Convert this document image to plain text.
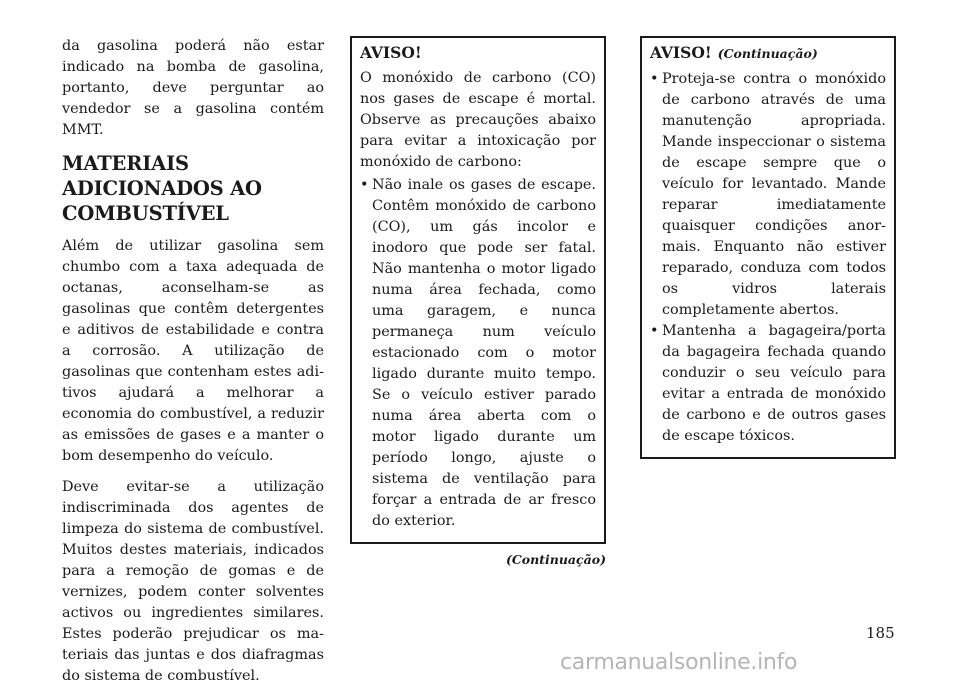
da gasolina poderá não estar indicado na bomba de gasolina, portanto, deve perguntar ao vendedor se a gasolina contém MMT.

MATERIAIS ADICIONADOS AO COMBUSTÍVEL

Além de utilizar gasolina sem chumbo com a taxa adequada de octanas, aconselham-se as gasolinas que contêm detergentes e aditivos de estabilidade e contra a corrosão. A utilização de gasolinas que contenham estes aditivos ajudará a melhorar a economia do combustível, a reduzir as emissões de gases e a manter o bom desempenho do veículo.

Deve evitar-se a utilização indiscriminada dos agentes de limpeza do sistema de combustível. Muitos destes materiais, indicados para a remoção de gomas e de vernizes, podem conter solventes activos ou ingredientes similares. Estes poderão prejudicar os materiais das juntas e dos diafragmas do sistema de combustível.

AVISO!

O monóxido de carbono (CO) nos gases de escape é mortal. Observe as precauções abaixo para evitar a intoxicação por monóxido de carbono:

• Não inale os gases de escape. Contêm monóxido de carbono (CO), um gás incolor e inodoro que pode ser fatal. Não mantenha o motor ligado numa área fechada, como uma garagem, e nunca permaneça num veículo estacionado com o motor ligado durante muito tempo. Se o veículo estiver parado numa área aberta com o motor ligado durante um período longo, ajuste o sistema de ventilação para forçar a entrada de ar fresco do exterior.
(Continuação)
AVISO! (Continuação)
• Proteja-se contra o monóxido de carbono através de uma manutenção apropriada. Mande inspeccionar o sistema de escape sempre que o veículo for levantado. Mande reparar imediatamente quaisquer condições anormais. Enquanto não estiver reparado, conduza com todos os vidros laterais completamente abertos.
• Mantenha a bagageira/porta da bagageira fechada quando conduzir o seu veículo para evitar a entrada de monóxido de carbono e de outros gases de escape tóxicos.
185
carmanualsonline.info
